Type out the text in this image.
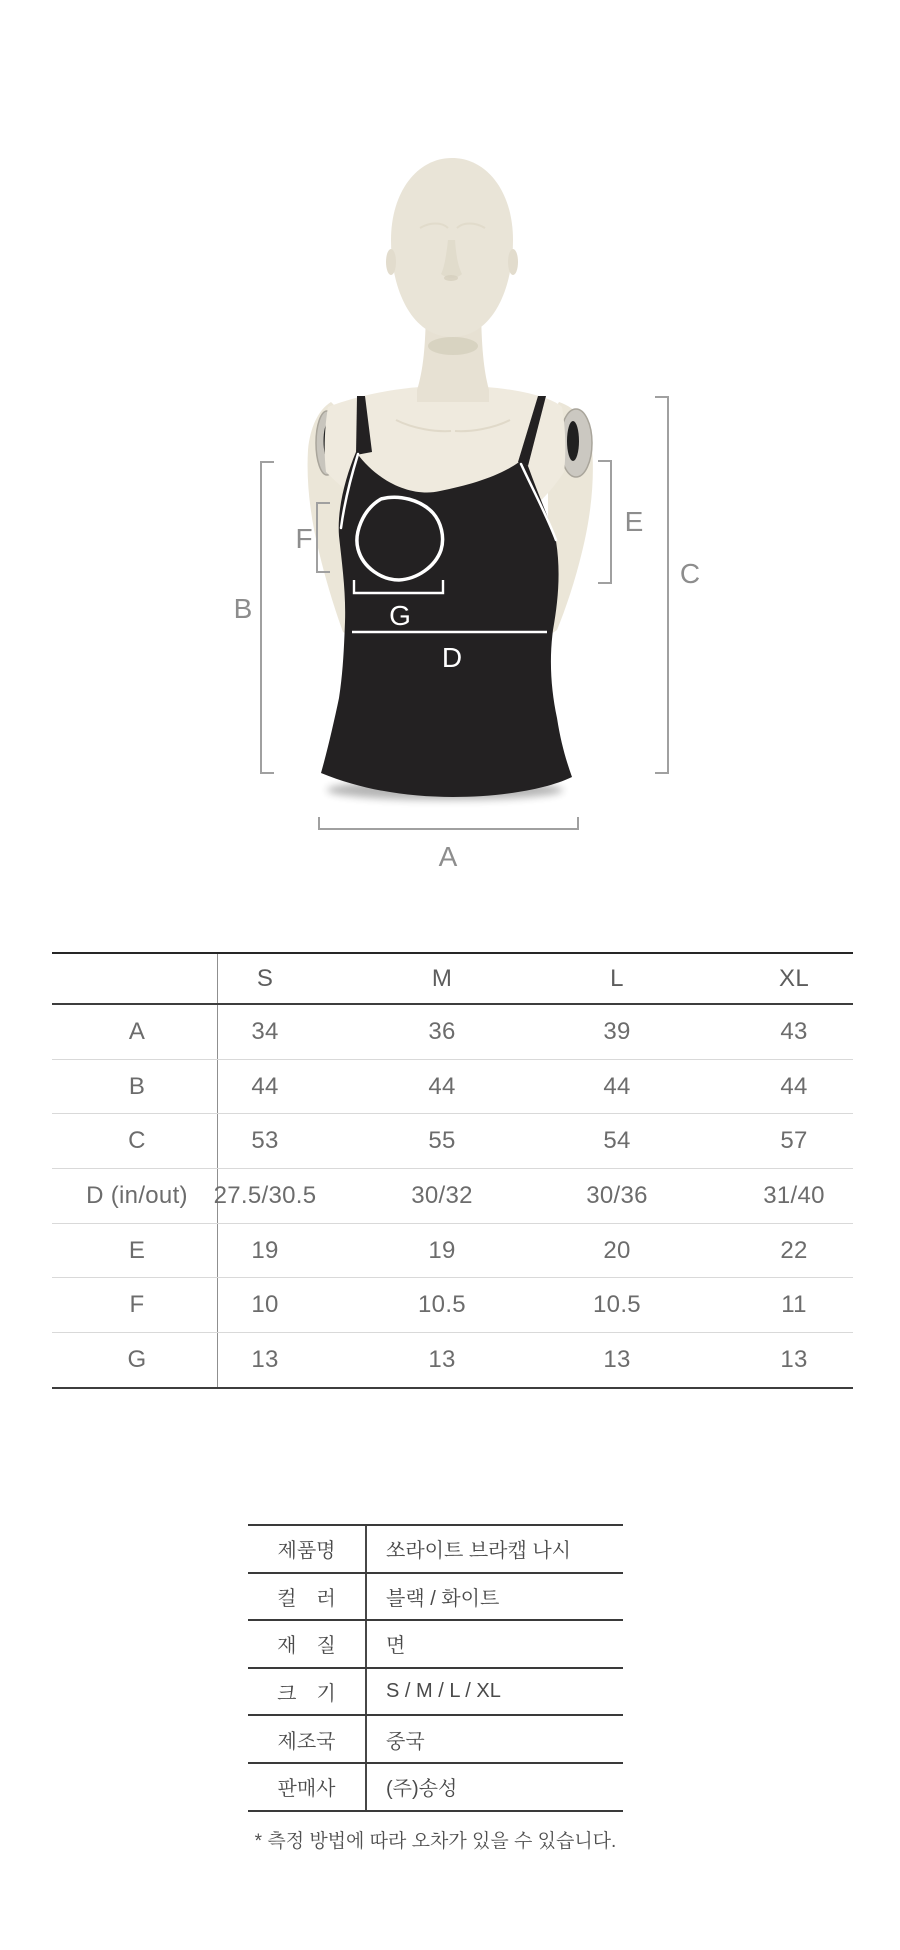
G
D
B
F
E
C
A
S	M	L	XL
A	34	36	39	43
B	44	44	44	44
C	53	55	54	57
D (in/out) 27.5/30.5	30/32	30/36	31/40
E	19	19	20	22
F	10	10.5	10.5	11
G	13	13	13	13
제품명	쏘라이트 브라캡 나시
컬　러	블랙 / 화이트
재　질	면
크　기	S / M / L / XL
제조국	중국
판매사	(주)송성
* 측정 방법에 따라 오차가 있을 수 있습니다.
